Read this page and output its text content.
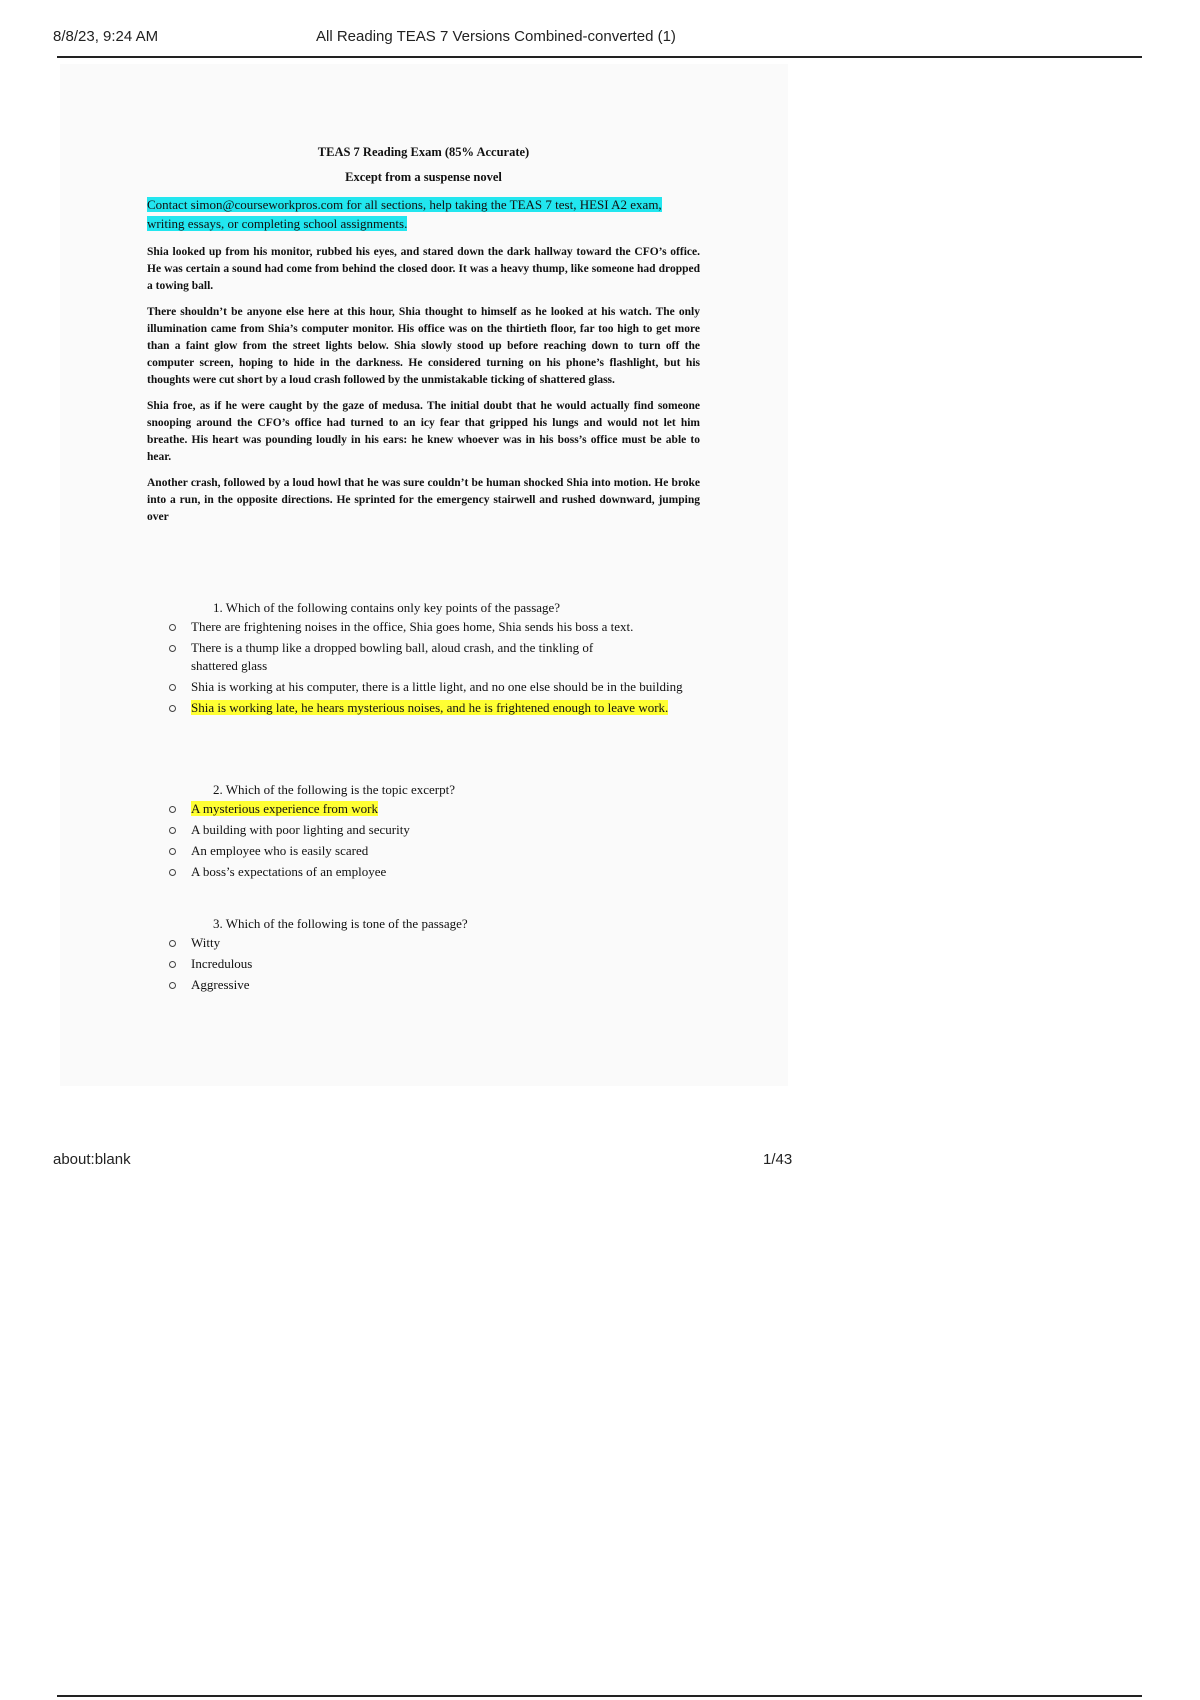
8/8/23, 9:24 AM	All Reading TEAS 7 Versions Combined-converted (1)

TEAS 7 Reading Exam (85% Accurate)

Except from a suspense novel

Contact simon@courseworkpros.com for all sections, help taking the TEAS 7 test, HESI A2 exam, writing essays, or completing school assignments.

Shia looked up from his monitor, rubbed his eyes, and stared down the dark hallway toward the CFO’s office. He was certain a sound had come from behind the closed door. It was a heavy thump, like someone had dropped a towing ball.

There shouldn’t be anyone else here at this hour, Shia thought to himself as he looked at his watch. The only illumination came from Shia’s computer monitor. His office was on the thirtieth floor, far too high to get more than a faint glow from the street lights below. Shia slowly stood up before reaching down to turn off the computer screen, hoping to hide in the darkness. He considered turning on his phone’s flashlight, but his thoughts were cut short by a loud crash followed by the unmistakable ticking of shattered glass.

Shia froe, as if he were caught by the gaze of medusa. The initial doubt that he would actually find someone snooping around the CFO’s office had turned to an icy fear that gripped his lungs and would not let him breathe. His heart was pounding loudly in his ears: he knew whoever was in his boss’s office must be able to hear.

Another crash, followed by a loud howl that he was sure couldn’t be human shocked Shia into motion. He broke into a run, in the opposite directions. He sprinted for the emergency stairwell and rushed downward, jumping over

1. Which of the following contains only key points of the passage?
There are frightening noises in the office, Shia goes home, Shia sends his boss a text.
There is a thump like a dropped bowling ball, aloud crash, and the tinkling of shattered glass
Shia is working at his computer, there is a little light, and no one else should be in the building
Shia is working late, he hears mysterious noises, and he is frightened enough to leave work.
2. Which of the following is the topic excerpt?
A mysterious experience from work
A building with poor lighting and security
An employee who is easily scared
A boss’s expectations of an employee
3. Which of the following is tone of the passage?
Witty
Incredulous
Aggressive
about:blank	1/43
